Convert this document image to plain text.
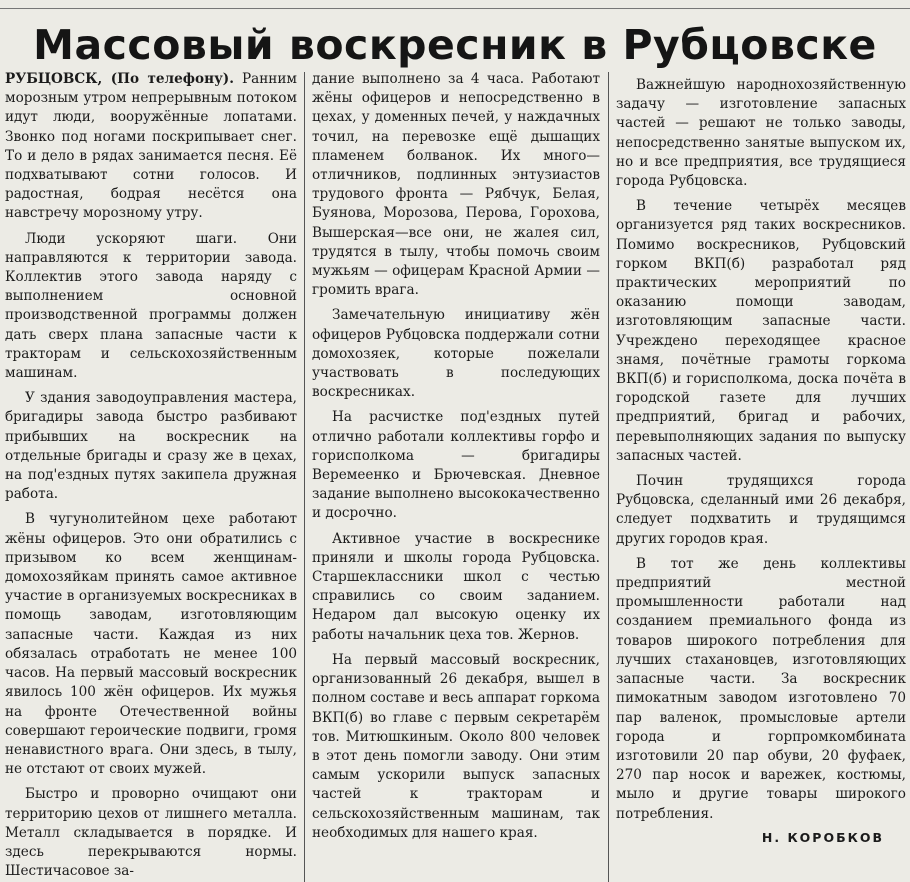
Массовый воскресник в Рубцовске

РУБЦОВСК, (По телефону). Ранним морозным утром непрерывным потоком идут люди, вооружённые лопатами. Звонко под ногами поскрипывает снег. То и дело в рядах занимается песня. Её подхватывают сотни голосов. И радостная, бодрая несётся она навстречу морозному утру.

Люди ускоряют шаги. Они направляются к территории завода. Коллектив этого завода наряду с выполнением основной производственной программы должен дать сверх плана запасные части к тракторам и сельскохозяйственным машинам.

У здания заводоуправления мастера, бригадиры завода быстро разбивают прибывших на воскресник на отдельные бригады и сразу же в цехах, на под'ездных путях закипела дружная работа.

В чугунолитейном цехе работают жёны офицеров. Это они обратились с призывом ко всем женщинам-домохозяйкам принять самое активное участие в организуемых воскресниках в помощь заводам, изготовляющим запасные части. Каждая из них обязалась отработать не менее 100 часов. На первый массовый воскресник явилось 100 жён офицеров. Их мужья на фронте Отечественной войны совершают героические подвиги, громя ненавистного врага. Они здесь, в тылу, не отстают от своих мужей.

Быстро и проворно очищают они территорию цехов от лишнего металла. Металл складывается в порядке. И здесь перекрываются нормы. Шестичасовое за-

дание выполнено за 4 часа. Работают жёны офицеров и непосредственно в цехах, у доменных печей, у наждачных точил, на перевозке ещё дышащих пламенем болванок. Их много—отличников, подлинных энтузиастов трудового фронта — Рябчук, Белая, Буянова, Морозова, Перова, Горохова, Вышерская—все они, не жалея сил, трудятся в тылу, чтобы помочь своим мужьям — офицерам Красной Армии — громить врага.

Замечательную инициативу жён офицеров Рубцовска поддержали сотни домохозяек, которые пожелали участвовать в последующих воскресниках.

На расчистке под'ездных путей отлично работали коллективы горфо и горисполкома — бригадиры Веремеенко и Брючевская. Дневное задание выполнено высококачественно и досрочно.

Активное участие в воскреснике приняли и школы города Рубцовска. Старшеклассники школ с честью справились со своим заданием. Недаром дал высокую оценку их работы начальник цеха тов. Жернов.

На первый массовый воскресник, организованный 26 декабря, вышел в полном составе и весь аппарат горкома ВКП(б) во главе с первым секретарём тов. Митюшкиным. Около 800 человек в этот день помогли заводу. Они этим самым ускорили выпуск запасных частей к тракторам и сельскохозяйственным машинам, так необходимых для нашего края.

Важнейшую народнохозяйственную задачу — изготовление запасных частей — решают не только заводы, непосредственно занятые выпуском их, но и все предприятия, все трудящиеся города Рубцовска.

В течение четырёх месяцев организуется ряд таких воскресников. Помимо воскресников, Рубцовский горком ВКП(б) разработал ряд практических мероприятий по оказанию помощи заводам, изготовляющим запасные части. Учреждено переходящее красное знамя, почётные грамоты горкома ВКП(б) и горисполкома, доска почёта в городской газете для лучших предприятий, бригад и рабочих, перевыполняющих задания по выпуску запасных частей.

Почин трудящихся города Рубцовска, сделанный ими 26 декабря, следует подхватить и трудящимся других городов края.

В тот же день коллективы предприятий местной промышленности работали над созданием премиального фонда из товаров широкого потребления для лучших стахановцев, изготовляющих запасные части. За воскресник пимокатным заводом изготовлено 70 пар валенок, промысловые артели города и горпромкомбината изготовили 20 пар обуви, 20 фуфаек, 270 пар носок и варежек, костюмы, мыло и другие товары широкого потребления.

Н. КОРОБКОВ
